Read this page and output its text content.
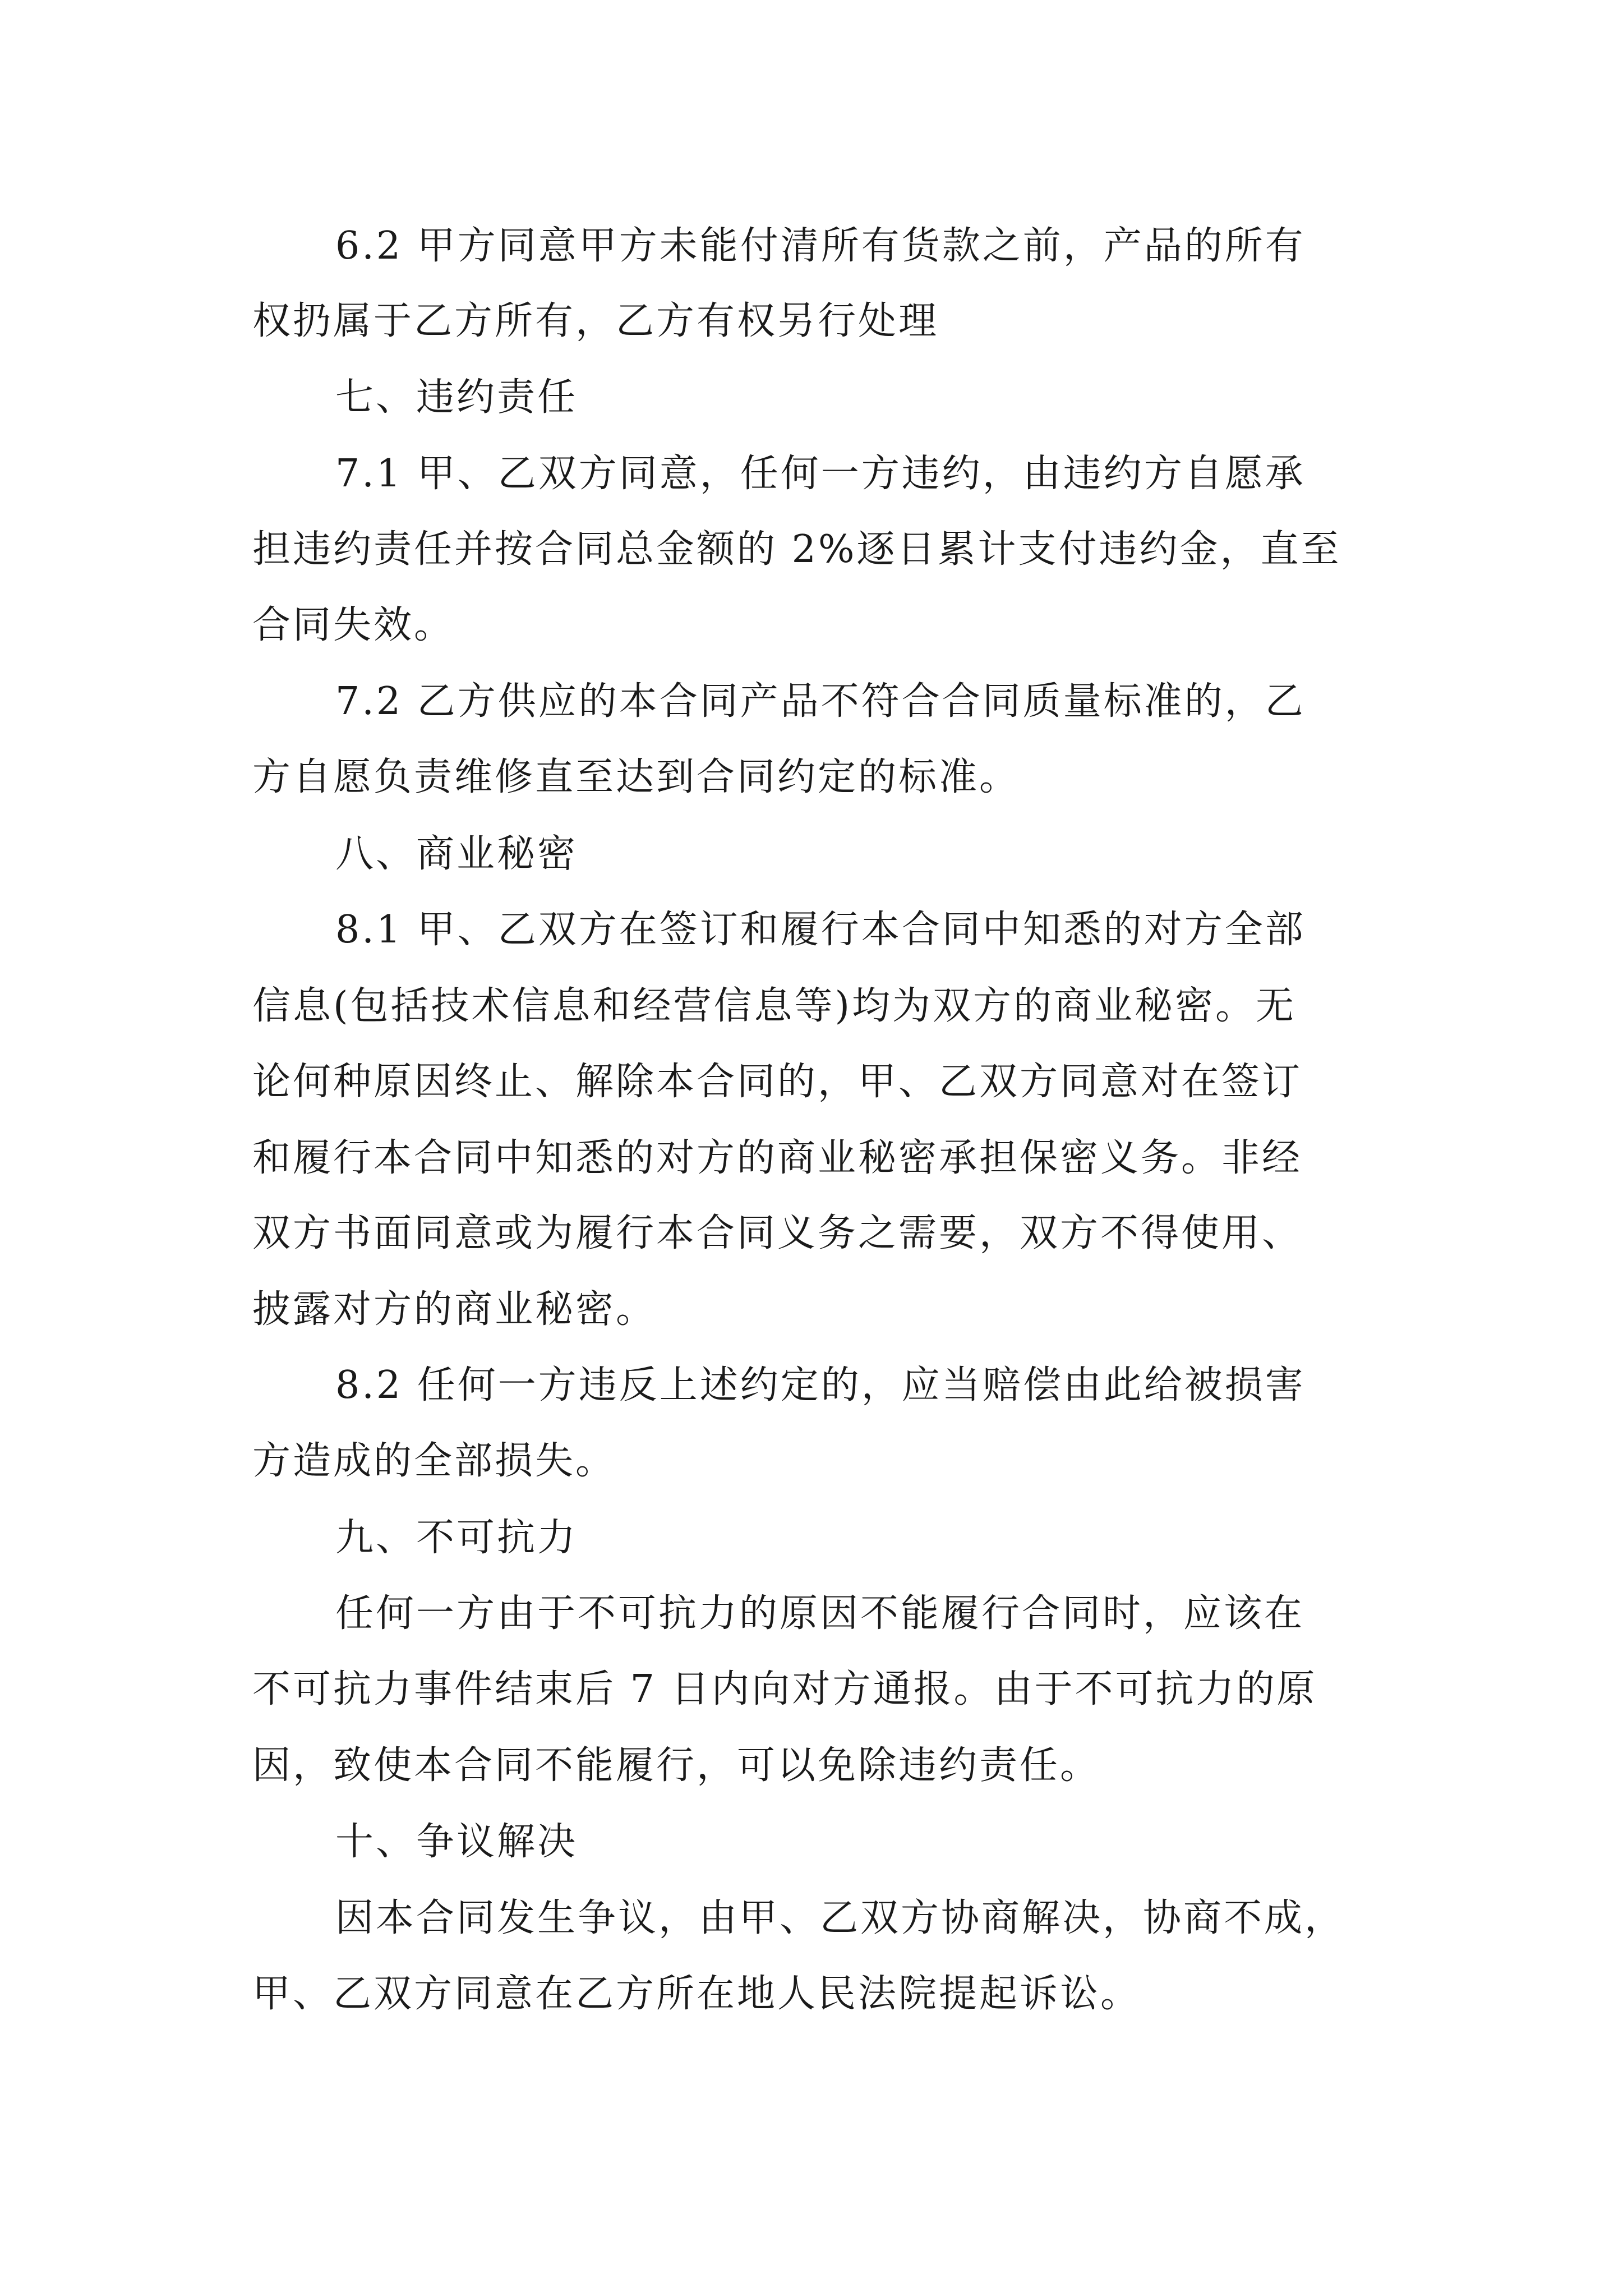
6.2 甲方同意甲方未能付清所有货款之前，产品的所有
权扔属于乙方所有，乙方有权另行处理
七、违约责任
7.1 甲、乙双方同意，任何一方违约，由违约方自愿承
担违约责任并按合同总金额的 2%逐日累计支付违约金，直至
合同失效。
7.2 乙方供应的本合同产品不符合合同质量标准的，乙
方自愿负责维修直至达到合同约定的标准。
八、商业秘密
8.1 甲、乙双方在签订和履行本合同中知悉的对方全部
信息(包括技术信息和经营信息等)均为双方的商业秘密。无
论何种原因终止、解除本合同的，甲、乙双方同意对在签订
和履行本合同中知悉的对方的商业秘密承担保密义务。非经
双方书面同意或为履行本合同义务之需要，双方不得使用、
披露对方的商业秘密。
8.2 任何一方违反上述约定的，应当赔偿由此给被损害
方造成的全部损失。
九、不可抗力
任何一方由于不可抗力的原因不能履行合同时，应该在
不可抗力事件结束后 7 日内向对方通报。由于不可抗力的原
因，致使本合同不能履行，可以免除违约责任。
十、争议解决
因本合同发生争议，由甲、乙双方协商解决，协商不成，
甲、乙双方同意在乙方所在地人民法院提起诉讼。
